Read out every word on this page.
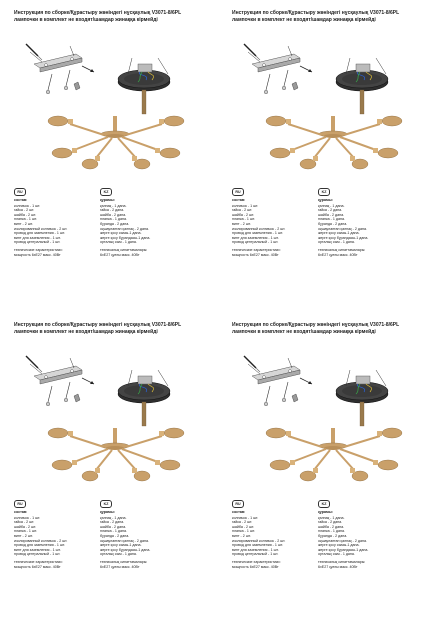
Инструкция по сборке/Құрастыру жөніндегі нұсқаулық V3071-8/6PL
лампочки в комплект не входят/шамдар жинаққа кірмейді
RU	KZ
состав:
колпачок - 1 шт.
гайка - 2 шт.
шайба - 2 шт.
планка - 1 шт.
винт - 2 шт.
изолированный колпачок - 2 шт.
провод для заземления - 1 шт.
винт для заземления - 1 шт.
провод центральный - 1 шт.
технические характеристики:
мощность 6xE27 макс. 40Вт
құрамы:
қалпақ - 1 дана.
гайка - 2 дана.
шайба - 2 дана.
планка - 1 дана.
бұранда - 2 дана.
оқшауланған қалпақ - 2 дана.
жерге қосу сымы-1 дана.
жерге қосу бұрандасы-1 дана.
орталық сым - 1 дана.
техникалық сипаттамалары:
6xE27 қуаты макс. 40Вт
Инструкция по сборке/Құрастыру жөніндегі нұсқаулық V3071-8/6PL
лампочки в комплект не входят/шамдар жинаққа кірмейді
RU	KZ
состав:
колпачок - 1 шт.
гайка - 2 шт.
шайба - 2 шт.
планка - 1 шт.
винт - 2 шт.
изолированный колпачок - 2 шт.
провод для заземления - 1 шт.
винт для заземления - 1 шт.
провод центральный - 1 шт.
технические характеристики:
мощность 6xE27 макс. 40Вт
құрамы:
қалпақ - 1 дана.
гайка - 2 дана.
шайба - 2 дана.
планка - 1 дана.
бұранда - 2 дана.
оқшауланған қалпақ - 2 дана.
жерге қосу сымы-1 дана.
жерге қосу бұрандасы-1 дана.
орталық сым - 1 дана.
техникалық сипаттамалары:
6xE27 қуаты макс. 40Вт
Инструкция по сборке/Құрастыру жөніндегі нұсқаулық V3071-8/6PL
лампочки в комплект не входят/шамдар жинаққа кірмейді
RU	KZ
состав:
колпачок - 1 шт.
гайка - 2 шт.
шайба - 2 шт.
планка - 1 шт.
винт - 2 шт.
изолированный колпачок - 2 шт.
провод для заземления - 1 шт.
винт для заземления - 1 шт.
провод центральный - 1 шт.
технические характеристики:
мощность 6xE27 макс. 40Вт
құрамы:
қалпақ - 1 дана.
гайка - 2 дана.
шайба - 2 дана.
планка - 1 дана.
бұранда - 2 дана.
оқшауланған қалпақ - 2 дана.
жерге қосу сымы-1 дана.
жерге қосу бұрандасы-1 дана.
орталық сым - 1 дана.
техникалық сипаттамалары:
6xE27 қуаты макс. 40Вт
Инструкция по сборке/Құрастыру жөніндегі нұсқаулық V3071-8/6PL
лампочки в комплект не входят/шамдар жинаққа кірмейді
RU	KZ
состав:
колпачок - 1 шт.
гайка - 2 шт.
шайба - 2 шт.
планка - 1 шт.
винт - 2 шт.
изолированный колпачок - 2 шт.
провод для заземления - 1 шт.
винт для заземления - 1 шт.
провод центральный - 1 шт.
технические характеристики:
мощность 6xE27 макс. 40Вт
құрамы:
қалпақ - 1 дана.
гайка - 2 дана.
шайба - 2 дана.
планка - 1 дана.
бұранда - 2 дана.
оқшауланған қалпақ - 2 дана.
жерге қосу сымы-1 дана.
жерге қосу бұрандасы-1 дана.
орталық сым - 1 дана.
техникалық сипаттамалары:
6xE27 қуаты макс. 40Вт
